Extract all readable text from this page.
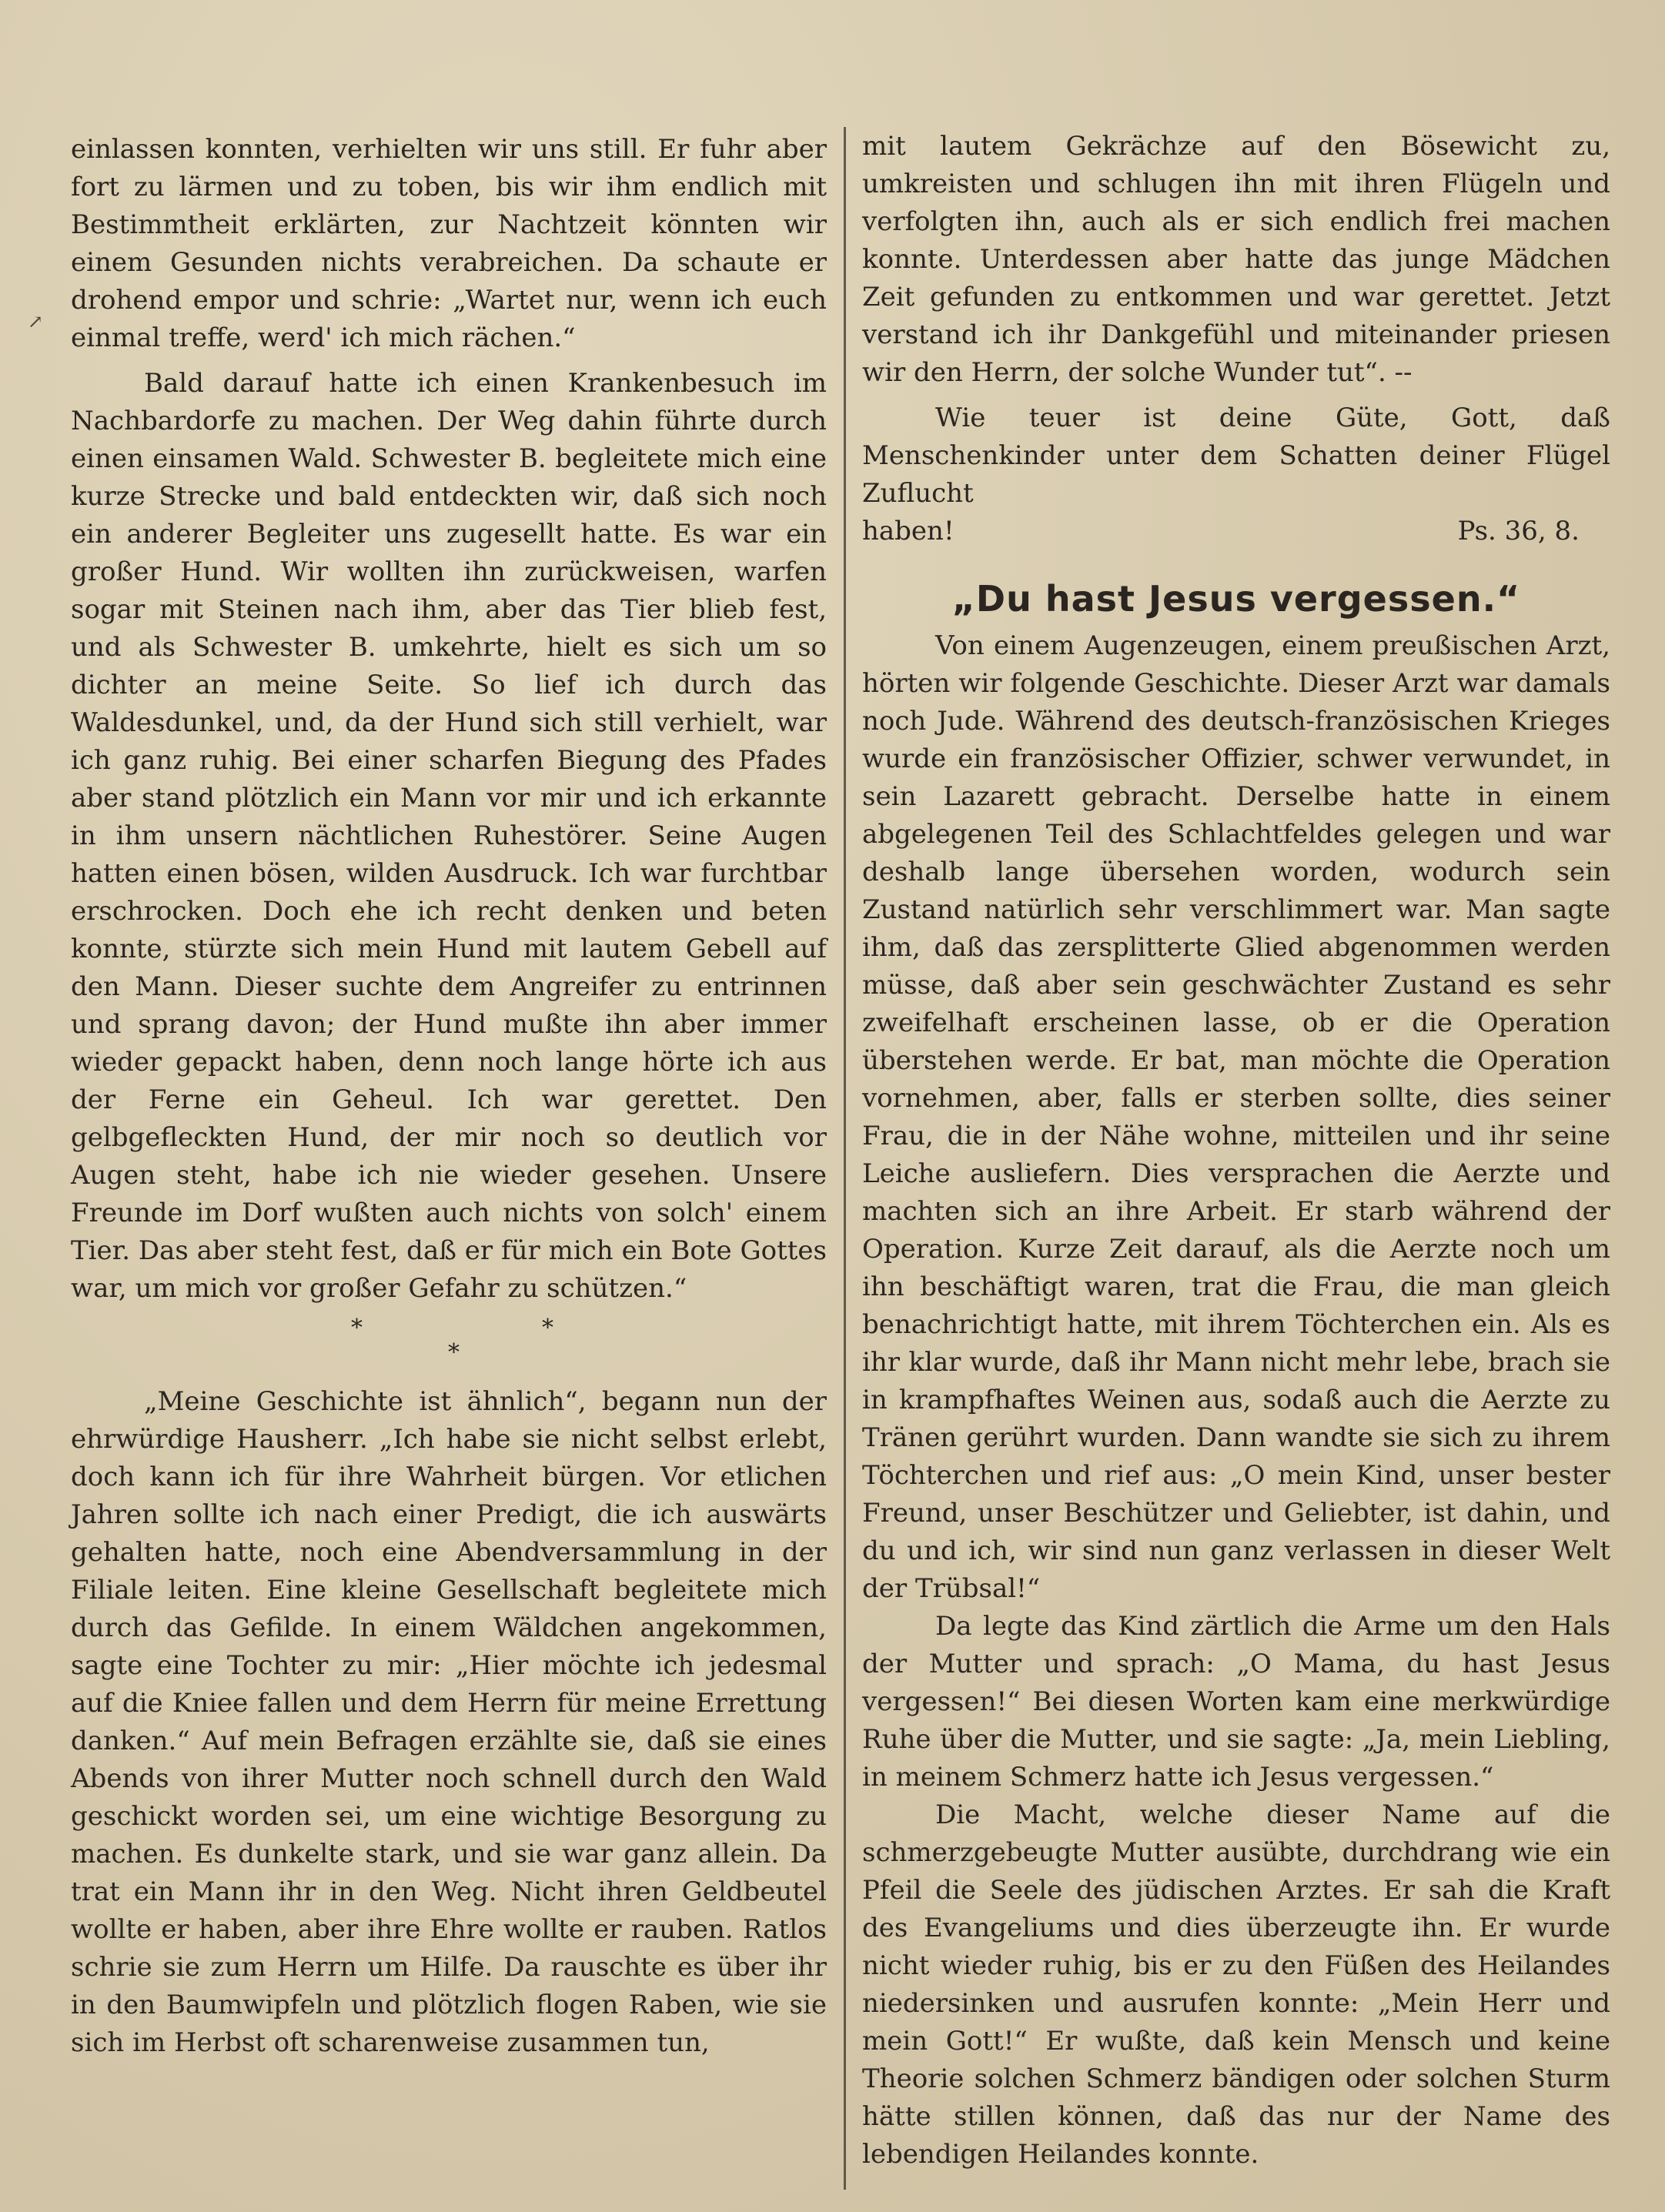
↗

einlassen konnten, verhielten wir uns still. Er fuhr aber fort zu lärmen und zu toben, bis wir ihm endlich mit Bestimmtheit erklärten, zur Nachtzeit könnten wir einem Gesunden nichts verabreichen. Da schaute er drohend empor und schrie: „Wartet nur, wenn ich euch einmal treffe, werd' ich mich rächen.“

Bald darauf hatte ich einen Krankenbesuch im Nachbardorfe zu machen. Der Weg dahin führte durch einen einsamen Wald. Schwester B. begleitete mich eine kurze Strecke und bald entdeckten wir, daß sich noch ein anderer Begleiter uns zugesellt hatte. Es war ein großer Hund. Wir wollten ihn zurückweisen, warfen sogar mit Steinen nach ihm, aber das Tier blieb fest, und als Schwester B. umkehrte, hielt es sich um so dichter an meine Seite. So lief ich durch das Waldesdunkel, und, da der Hund sich still verhielt, war ich ganz ruhig. Bei einer scharfen Biegung des Pfades aber stand plötzlich ein Mann vor mir und ich erkannte in ihm unsern nächtlichen Ruhestörer. Seine Augen hatten einen bösen, wilden Ausdruck. Ich war furchtbar erschrocken. Doch ehe ich recht denken und beten konnte, stürzte sich mein Hund mit lautem Gebell auf den Mann. Dieser suchte dem Angreifer zu entrinnen und sprang davon; der Hund mußte ihn aber immer wieder gepackt haben, denn noch lange hörte ich aus der Ferne ein Geheul. Ich war gerettet. Den gelbgefleckten Hund, der mir noch so deutlich vor Augen steht, habe ich nie wieder gesehen. Unsere Freunde im Dorf wußten auch nichts von solch' einem Tier. Das aber steht fest, daß er für mich ein Bote Gottes war, um mich vor großer Gefahr zu schützen.“

*
*
*

„Meine Geschichte ist ähnlich“, begann nun der ehrwürdige Hausherr. „Ich habe sie nicht selbst erlebt, doch kann ich für ihre Wahrheit bürgen. Vor etlichen Jahren sollte ich nach einer Predigt, die ich auswärts gehalten hatte, noch eine Abendversammlung in der Filiale leiten. Eine kleine Gesellschaft begleitete mich durch das Gefilde. In einem Wäldchen angekommen, sagte eine Tochter zu mir: „Hier möchte ich jedesmal auf die Kniee fallen und dem Herrn für meine Errettung danken.“ Auf mein Befragen erzählte sie, daß sie eines Abends von ihrer Mutter noch schnell durch den Wald geschickt worden sei, um eine wichtige Besorgung zu machen. Es dunkelte stark, und sie war ganz allein. Da trat ein Mann ihr in den Weg. Nicht ihren Geldbeutel wollte er haben, aber ihre Ehre wollte er rauben. Ratlos schrie sie zum Herrn um Hilfe. Da rauschte es über ihr in den Baumwipfeln und plötzlich flogen Raben, wie sie sich im Herbst oft scharenweise zusammen tun,

mit lautem Gekrächze auf den Bösewicht zu, umkreisten und schlugen ihn mit ihren Flügeln und verfolgten ihn, auch als er sich endlich frei machen konnte. Unterdessen aber hatte das junge Mädchen Zeit gefunden zu entkommen und war gerettet. Jetzt verstand ich ihr Dankgefühl und miteinander priesen wir den Herrn, der solche Wunder tut“. --

Wie teuer ist deine Güte, Gott, daß Menschenkinder unter dem Schatten deiner Flügel Zuflucht

haben!	Ps. 36, 8.
„Du hast Jesus vergessen.“

Von einem Augenzeugen, einem preußischen Arzt, hörten wir folgende Geschichte. Dieser Arzt war damals noch Jude. Während des deutsch-französischen Krieges wurde ein französischer Offizier, schwer verwundet, in sein Lazarett gebracht. Derselbe hatte in einem abgelegenen Teil des Schlachtfeldes gelegen und war deshalb lange übersehen worden, wodurch sein Zustand natürlich sehr verschlimmert war. Man sagte ihm, daß das zersplitterte Glied abgenommen werden müsse, daß aber sein geschwächter Zustand es sehr zweifelhaft erscheinen lasse, ob er die Operation überstehen werde. Er bat, man möchte die Operation vornehmen, aber, falls er sterben sollte, dies seiner Frau, die in der Nähe wohne, mitteilen und ihr seine Leiche ausliefern. Dies versprachen die Aerzte und machten sich an ihre Arbeit. Er starb während der Operation. Kurze Zeit darauf, als die Aerzte noch um ihn beschäftigt waren, trat die Frau, die man gleich benachrichtigt hatte, mit ihrem Töchterchen ein. Als es ihr klar wurde, daß ihr Mann nicht mehr lebe, brach sie in krampfhaftes Weinen aus, sodaß auch die Aerzte zu Tränen gerührt wurden. Dann wandte sie sich zu ihrem Töchterchen und rief aus: „O mein Kind, unser bester Freund, unser Beschützer und Geliebter, ist dahin, und du und ich, wir sind nun ganz verlassen in dieser Welt der Trübsal!“

Da legte das Kind zärtlich die Arme um den Hals der Mutter und sprach: „O Mama, du hast Jesus vergessen!“ Bei diesen Worten kam eine merkwürdige Ruhe über die Mutter, und sie sagte: „Ja, mein Liebling, in meinem Schmerz hatte ich Jesus vergessen.“

Die Macht, welche dieser Name auf die schmerzgebeugte Mutter ausübte, durchdrang wie ein Pfeil die Seele des jüdischen Arztes. Er sah die Kraft des Evangeliums und dies überzeugte ihn. Er wurde nicht wieder ruhig, bis er zu den Füßen des Heilandes niedersinken und ausrufen konnte: „Mein Herr und mein Gott!“ Er wußte, daß kein Mensch und keine Theorie solchen Schmerz bändigen oder solchen Sturm hätte stillen können, daß das nur der Name des lebendigen Heilandes konnte.
